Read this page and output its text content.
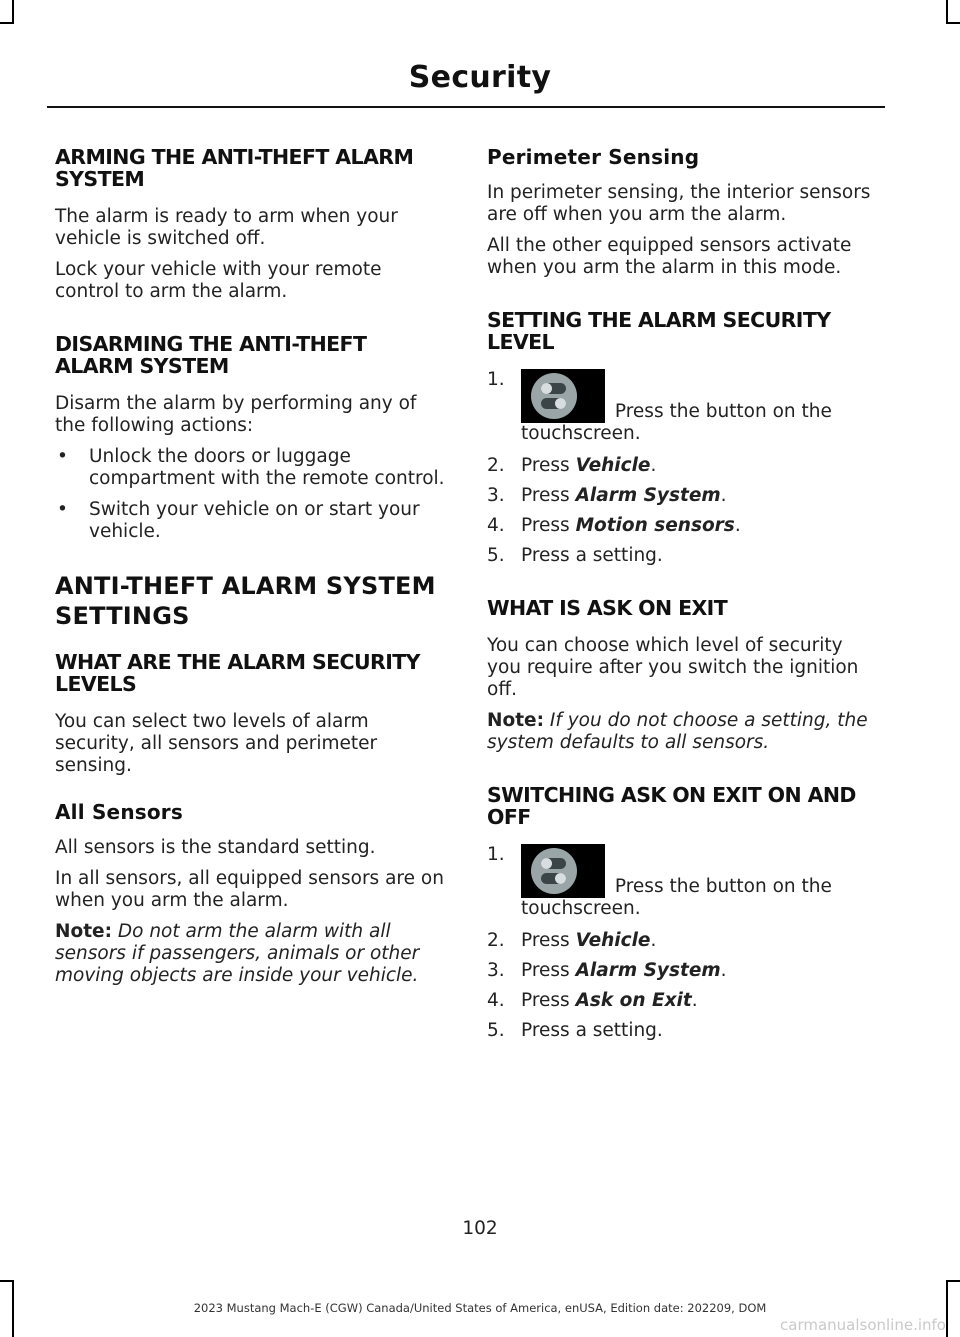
Security
ARMING THE ANTI-THEFT ALARM SYSTEM

The alarm is ready to arm when your vehicle is switched off.

Lock your vehicle with your remote control to arm the alarm.

DISARMING THE ANTI-THEFT ALARM SYSTEM

Disarm the alarm by performing any of the following actions:

• Unlock the doors or luggage compartment with the remote control.
• Switch your vehicle on or start your vehicle.
ANTI-THEFT ALARM SYSTEM
SETTINGS
WHAT ARE THE ALARM SECURITY LEVELS

You can select two levels of alarm security, all sensors and perimeter sensing.

All Sensors

All sensors is the standard setting.

In all sensors, all equipped sensors are on when you arm the alarm.

Note: Do not arm the alarm with all sensors if passengers, animals or other moving objects are inside your vehicle.

Perimeter Sensing

In perimeter sensing, the interior sensors are off when you arm the alarm.

All the other equipped sensors activate when you arm the alarm in this mode.

SETTING THE ALARM SECURITY LEVEL
1.
Press the button on the touchscreen.
2. Press Vehicle.
3. Press Alarm System.
4. Press Motion sensors.
5. Press a setting.
WHAT IS ASK ON EXIT

You can choose which level of security you require after you switch the ignition off.

Note: If you do not choose a setting, the system defaults to all sensors.

SWITCHING ASK ON EXIT ON AND OFF
1.
Press the button on the touchscreen.
2. Press Vehicle.
3. Press Alarm System.
4. Press Ask on Exit.
5. Press a setting.
102
2023 Mustang Mach-E (CGW) Canada/United States of America, enUSA, Edition date: 202209, DOM
carmanualsonline.info
